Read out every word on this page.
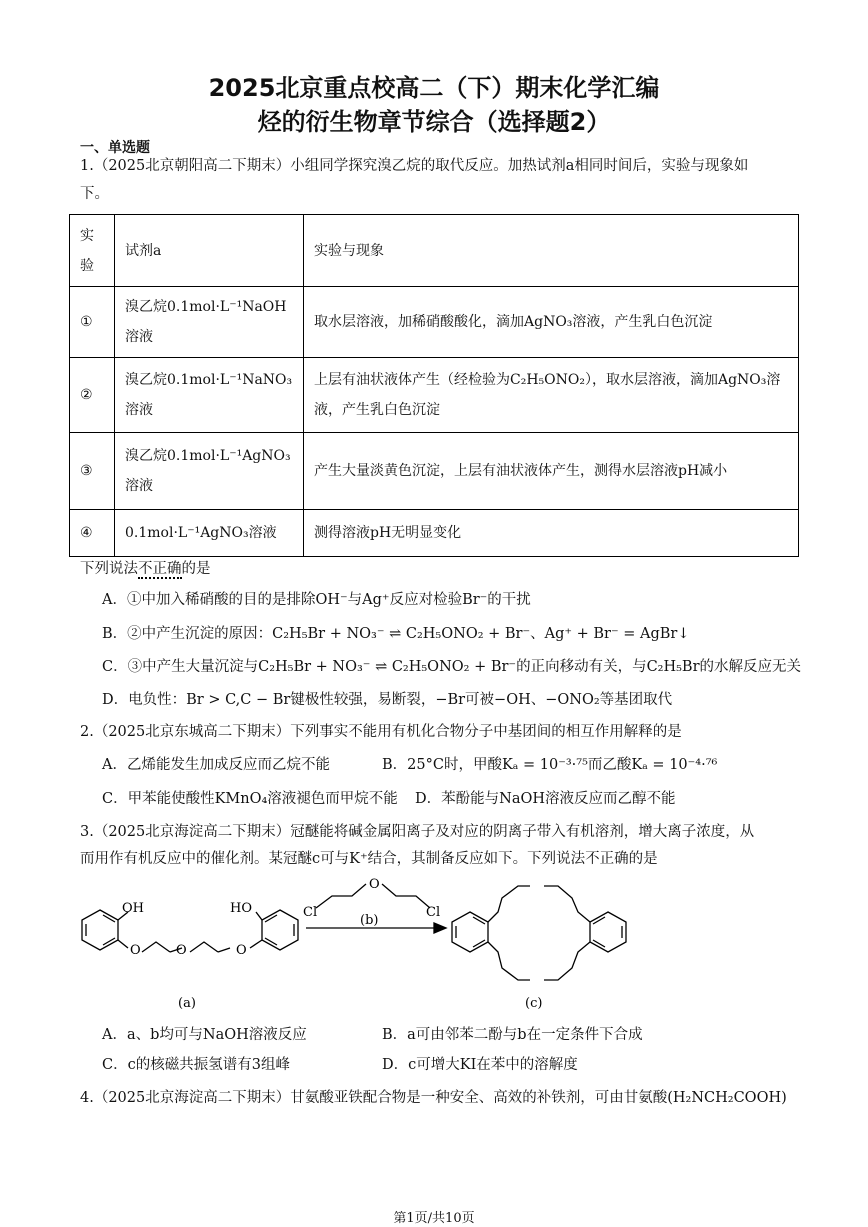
2025北京重点校高二（下）期末化学汇编
烃的衍生物章节综合（选择题2）
一、单选题
1.（2025北京朝阳高二下期末）小组同学探究溴乙烷的取代反应。加热试剂a相同时间后，实验与现象如
下。
实验	试剂a	实验与现象
①	溴乙烷0.1mol·L⁻¹NaOH溶液	取水层溶液，加稀硝酸酸化，滴加AgNO₃溶液，产生乳白色沉淀
②	溴乙烷0.1mol·L⁻¹NaNO₃溶液	上层有油状液体产生（经检验为C₂H₅ONO₂），取水层溶液，滴加AgNO₃溶液，产生乳白色沉淀
③	溴乙烷0.1mol·L⁻¹AgNO₃溶液	产生大量淡黄色沉淀，上层有油状液体产生，测得水层溶液pH减小
④	0.1mol·L⁻¹AgNO₃溶液	测得溶液pH无明显变化
下列说法不正确的是
A．①中加入稀硝酸的目的是排除OH⁻与Ag⁺反应对检验Br⁻的干扰
B．②中产生沉淀的原因：C₂H₅Br + NO₃⁻ ⇌ C₂H₅ONO₂ + Br⁻、Ag⁺ + Br⁻ = AgBr↓
C．③中产生大量沉淀与C₂H₅Br + NO₃⁻ ⇌ C₂H₅ONO₂ + Br⁻的正向移动有关，与C₂H₅Br的水解反应无关
D．电负性：Br > C,C − Br键极性较强，易断裂，−Br可被−OH、−ONO₂等基团取代
2.（2025北京东城高二下期末）下列事实不能用有机化合物分子中基团间的相互作用解释的是
A．乙烯能发生加成反应而乙烷不能	B．25°C时，甲酸Kₐ = 10⁻³·⁷⁵而乙酸Kₐ = 10⁻⁴·⁷⁶
C．甲苯能使酸性KMnO₄溶液褪色而甲烷不能 D．苯酚能与NaOH溶液反应而乙醇不能
3.（2025北京海淀高二下期末）冠醚能将碱金属阳离子及对应的阴离子带入有机溶剂，增大离子浓度，从
而用作有机反应中的催化剂。某冠醚c可与K⁺结合，其制备反应如下。下列说法不正确的是
OH	HO
O	O	O
Cl
O
Cl
(b)
(a)	(c)
A．a、b均可与NaOH溶液反应	B．a可由邻苯二酚与b在一定条件下合成
C．c的核磁共振氢谱有3组峰	D．c可增大KI在苯中的溶解度
4.（2025北京海淀高二下期末）甘氨酸亚铁配合物是一种安全、高效的补铁剂，可由甘氨酸(H₂NCH₂COOH)
第1页/共10页
